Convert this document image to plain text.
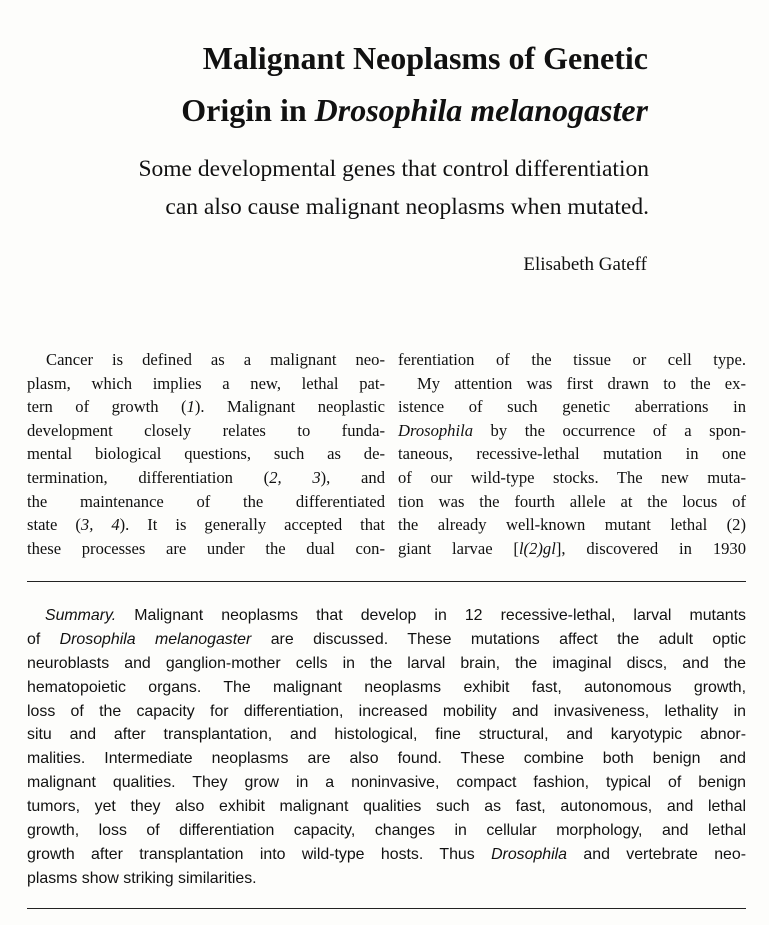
Malignant Neoplasms of Genetic
Origin in Drosophila melanogaster

Some developmental genes that control differentiation
can also cause malignant neoplasms when mutated.

Elisabeth Gateff
Cancer is defined as a malignant neo-
plasm, which implies a new, lethal pat-
tern of growth (1). Malignant neoplastic
development closely relates to funda-
mental biological questions, such as de-
termination, differentiation (2, 3), and
the maintenance of the differentiated
state (3, 4). It is generally accepted that
these processes are under the dual con-
ferentiation of the tissue or cell type.
My attention was first drawn to the ex-
istence of such genetic aberrations in
Drosophila by the occurrence of a spon-
taneous, recessive-lethal mutation in one
of our wild-type stocks. The new muta-
tion was the fourth allele at the locus of
the already well-known mutant lethal (2)
giant larvae [l(2)gl], discovered in 1930
Summary. Malignant neoplasms that develop in 12 recessive-lethal, larval mutants
of Drosophila melanogaster are discussed. These mutations affect the adult optic
neuroblasts and ganglion-mother cells in the larval brain, the imaginal discs, and the
hematopoietic organs. The malignant neoplasms exhibit fast, autonomous growth,
loss of the capacity for differentiation, increased mobility and invasiveness, lethality in
situ and after transplantation, and histological, fine structural, and karyotypic abnor-
malities. Intermediate neoplasms are also found. These combine both benign and
malignant qualities. They grow in a noninvasive, compact fashion, typical of benign
tumors, yet they also exhibit malignant qualities such as fast, autonomous, and lethal
growth, loss of differentiation capacity, changes in cellular morphology, and lethal
growth after transplantation into wild-type hosts. Thus Drosophila and vertebrate neo-
plasms show striking similarities.
